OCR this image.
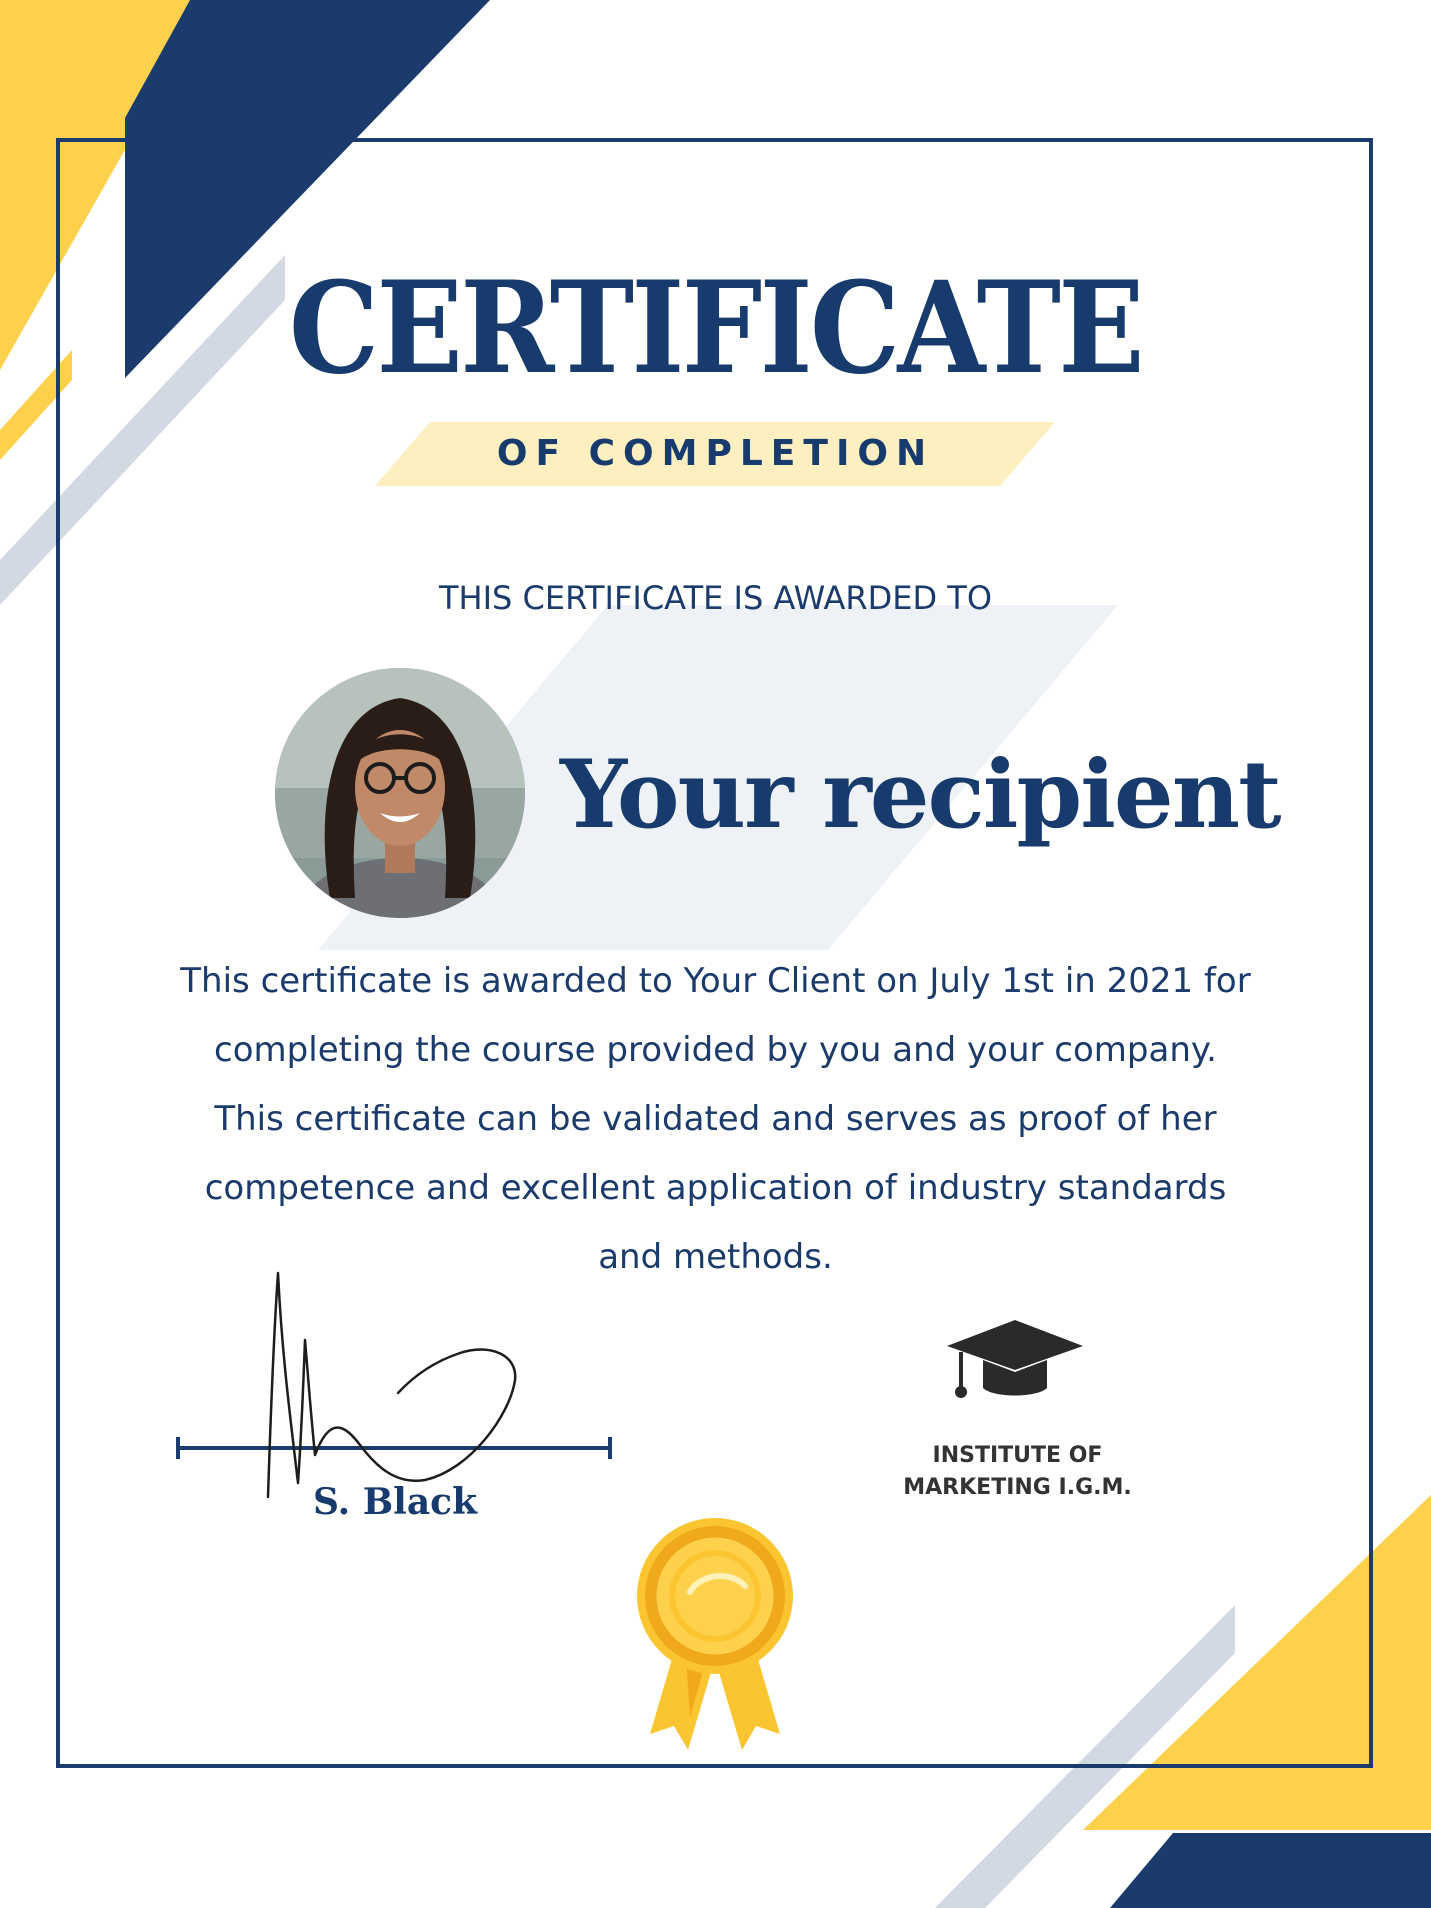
CERTIFICATE
OF COMPLETION
THIS CERTIFICATE IS AWARDED TO
Your recipient
This certificate is awarded to Your Client on July 1st in 2021 for
completing the course provided by you and your company.
This certificate can be validated and serves as proof of her
competence and excellent application of industry standards
and methods.
S. Black
INSTITUTE OF
MARKETING I.G.M.
